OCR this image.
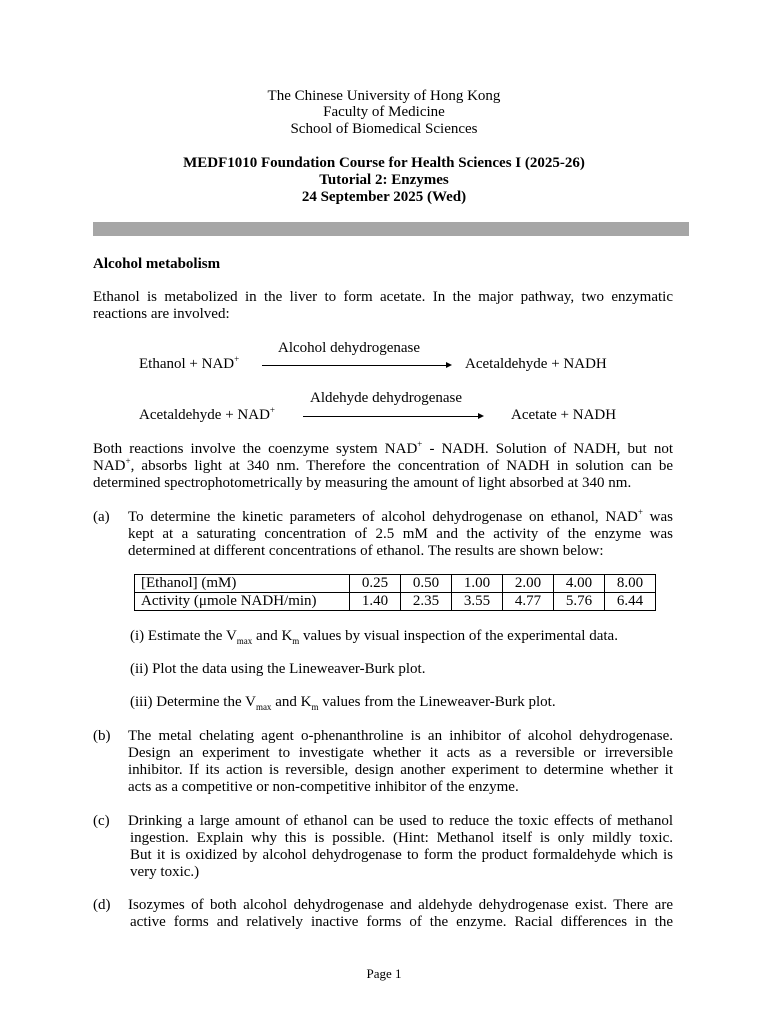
The Chinese University of Hong Kong
Faculty of Medicine
School of Biomedical Sciences
MEDF1010 Foundation Course for Health Sciences I (2025-26)
Tutorial 2: Enzymes
24 September 2025 (Wed)
Alcohol metabolism
Ethanol is metabolized in the liver to form acetate. In the major pathway, two enzymatic reactions are involved:
Alcohol dehydrogenase
Ethanol + NAD+	Acetaldehyde + NADH
Aldehyde dehydrogenase
Acetaldehyde + NAD+	Acetate + NADH
Both reactions involve the coenzyme system NAD+ - NADH. Solution of NADH, but not
NAD+, absorbs light at 340 nm. Therefore the concentration of NADH in solution can be
determined spectrophotometrically by measuring the amount of light absorbed at 340 nm.
(a) To determine the kinetic parameters of alcohol dehydrogenase on ethanol, NAD+ was
kept at a saturating concentration of 2.5 mM and the activity of the enzyme was
determined at different concentrations of ethanol. The results are shown below:
[Ethanol] (mM)	0.25	0.50	1.00	2.00	4.00	8.00
Activity (μmole NADH/min)	1.40	2.35	3.55	4.77	5.76	6.44
(i) Estimate the $V_{max}$ and $K_m$ values by visual inspection of the experimental data.
(ii) Plot the data using the Lineweaver-Burk plot.
(iii) Determine the $V_{max}$ and $K_m$ values from the Lineweaver-Burk plot.
(b) The metal chelating agent o-phenanthroline is an inhibitor of alcohol dehydrogenase.
Design an experiment to investigate whether it acts as a reversible or irreversible
inhibitor. If its action is reversible, design another experiment to determine whether it
acts as a competitive or non-competitive inhibitor of the enzyme.
(c) Drinking a large amount of ethanol can be used to reduce the toxic effects of methanol
ingestion. Explain why this is possible. (Hint: Methanol itself is only mildly toxic.
But it is oxidized by alcohol dehydrogenase to form the product formaldehyde which is
very toxic.)
(d) Isozymes of both alcohol dehydrogenase and aldehyde dehydrogenase exist. There are
active forms and relatively inactive forms of the enzyme. Racial differences in the
Page 1
